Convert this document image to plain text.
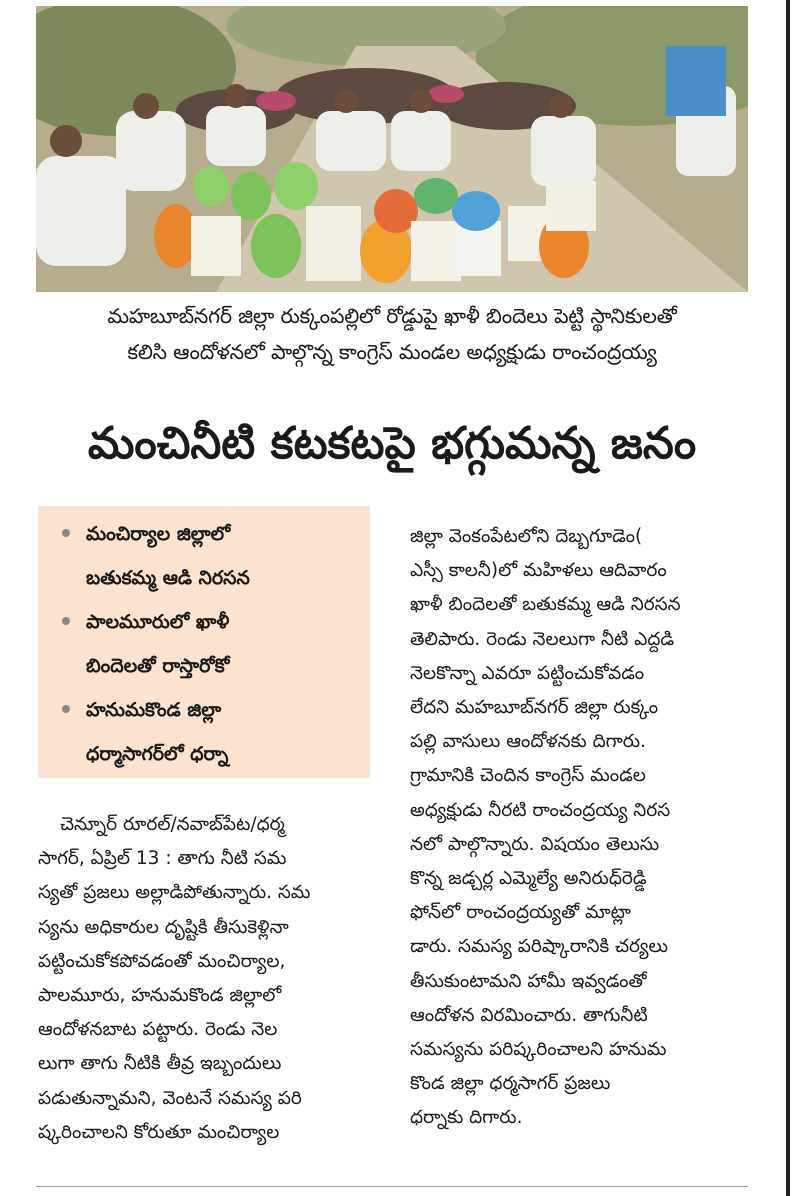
మహబూబ్‌నగర్ జిల్లా రుక్కంపల్లిలో రోడ్డుపై ఖాళీ బిందెలు పెట్టి స్థానికులతో
కలిసి ఆందోళనలో పాల్గొన్న కాంగ్రెస్ మండల అధ్యక్షుడు రాంచంద్రయ్య
మంచినీటి కటకటపై భగ్గుమన్న జనం
మంచిర్యాల జిల్లాలో
బతుకమ్మ ఆడి నిరసన
పాలమూరులో ఖాళీ
బిందెలతో రాస్తారోకో
హనుమకొండ జిల్లా
ధర్మాసాగర్‌లో ధర్నా
చెన్నూర్ రూరల్/నవాబ్‌పేట/ధర్మ
సాగర్, ఏప్రిల్ 13 : తాగు నీటి సమ
స్యతో ప్రజలు అల్లాడిపోతున్నారు. సమ
స్యను అధికారుల దృష్టికి తీసుకెళ్లినా
పట్టించుకోకపోవడంతో మంచిర్యాల,
పాలమూరు, హనుమకొండ జిల్లాలో
ఆందోళనబాట పట్టారు. రెండు నెల
లుగా తాగు నీటికి తీవ్ర ఇబ్బందులు
పడుతున్నామని, వెంటనే సమస్య పరి
ష్కరించాలని కోరుతూ మంచిర్యాల
జిల్లా వెంకంపేటలోని దెబ్బగూడెం(
ఎస్సీ కాలనీ)లో మహిళలు ఆదివారం
ఖాళీ బిందెలతో బతుకమ్మ ఆడి నిరసన
తెలిపారు. రెండు నెలలుగా నీటి ఎద్దడి
నెలకొన్నా ఎవరూ పట్టించుకోవడం
లేదని మహబూబ్‌నగర్ జిల్లా రుక్కం
పల్లి వాసులు ఆందోళనకు దిగారు.
గ్రామానికి చెందిన కాంగ్రెస్ మండల
అధ్యక్షుడు నీరటి రాంచంద్రయ్య నిరస
నలో పాల్గొన్నారు. విషయం తెలుసు
కొన్న జడ్చర్ల ఎమ్మెల్యే అనిరుధ్‌రెడ్డి
ఫోన్‌లో రాంచంద్రయ్యతో మాట్లా
డారు. సమస్య పరిష్కారానికి చర్యలు
తీసుకుంటామని హామీ ఇవ్వడంతో
ఆందోళన విరమించారు. తాగునీటి
సమస్యను పరిష్కరించాలని హనుమ
కొండ జిల్లా ధర్మసాగర్ ప్రజలు
ధర్నాకు దిగారు.
